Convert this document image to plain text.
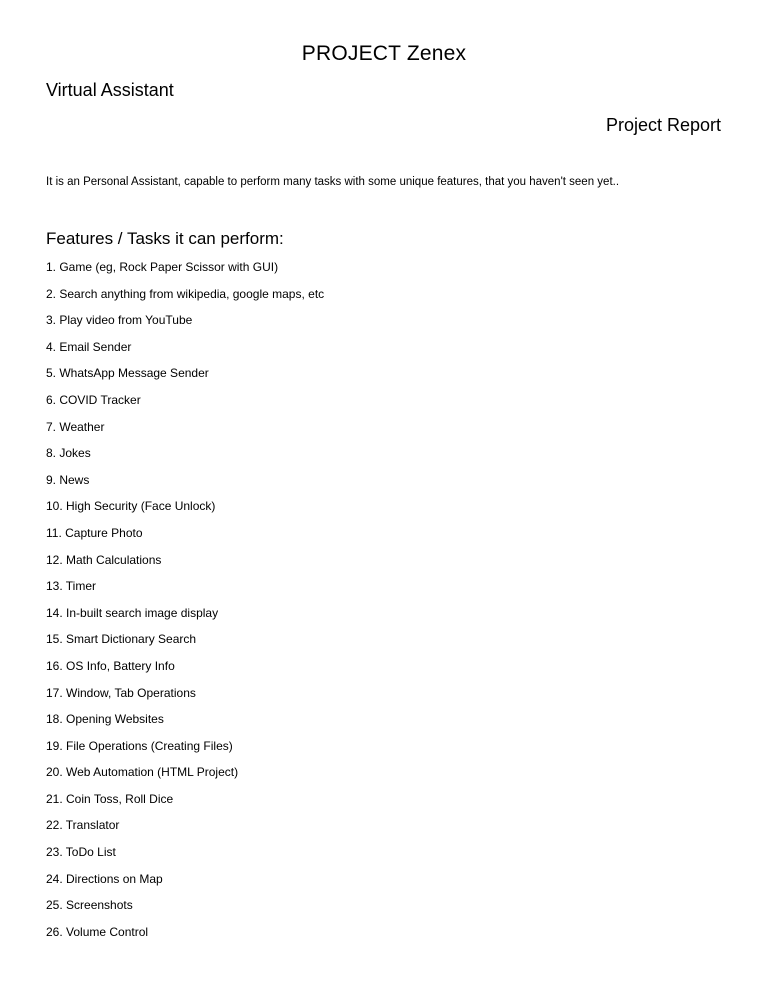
PROJECT Zenex
Virtual Assistant
Project Report
It is an Personal Assistant, capable to perform many tasks with some unique features, that you haven't seen yet..
Features / Tasks it can perform:
1. Game (eg, Rock Paper Scissor with GUI)
2. Search anything from wikipedia, google maps, etc
3. Play video from YouTube
4. Email Sender
5. WhatsApp Message Sender
6. COVID Tracker
7. Weather
8. Jokes
9. News
10. High Security (Face Unlock)
11. Capture Photo
12. Math Calculations
13. Timer
14. In-built search image display
15. Smart Dictionary Search
16. OS Info, Battery Info
17. Window, Tab Operations
18. Opening Websites
19. File Operations (Creating Files)
20. Web Automation (HTML Project)
21. Coin Toss, Roll Dice
22. Translator
23. ToDo List
24. Directions on Map
25. Screenshots
26. Volume Control
